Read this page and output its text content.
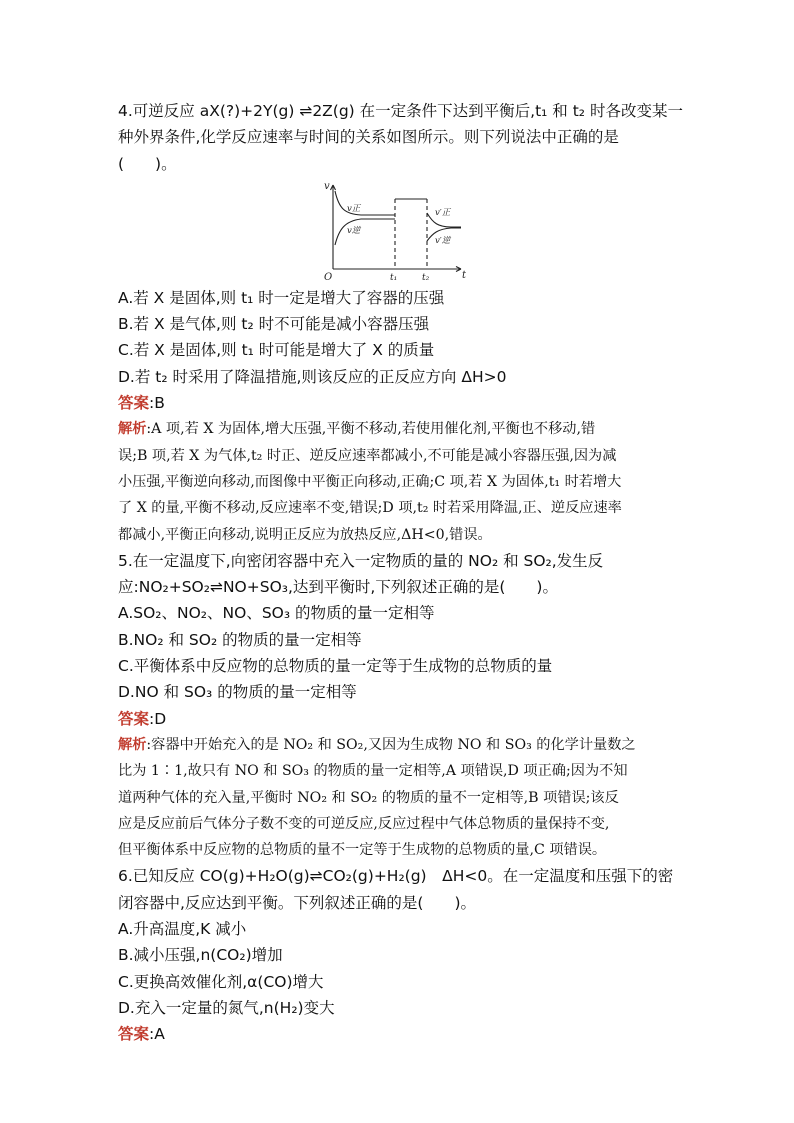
4.可逆反应 aX(?)+2Y(g) ⇌2Z(g) 在一定条件下达到平衡后,t₁ 和 t₂ 时各改变某一
种外界条件,化学反应速率与时间的关系如图所示。则下列说法中正确的是
(　　)。
v
t
O	t₁	t₂
v正
v逆
v′正
v′逆
A.若 X 是固体,则 t₁ 时一定是增大了容器的压强
B.若 X 是气体,则 t₂ 时不可能是减小容器压强
C.若 X 是固体,则 t₁ 时可能是增大了 X 的质量
D.若 t₂ 时采用了降温措施,则该反应的正反应方向 ΔH>0
答案:B
解析:A 项,若 X 为固体,增大压强,平衡不移动,若使用催化剂,平衡也不移动,错
误;B 项,若 X 为气体,t₂ 时正、逆反应速率都减小,不可能是减小容器压强,因为减
小压强,平衡逆向移动,而图像中平衡正向移动,正确;C 项,若 X 为固体,t₁ 时若增大
了 X 的量,平衡不移动,反应速率不变,错误;D 项,t₂ 时若采用降温,正、逆反应速率
都减小,平衡正向移动,说明正反应为放热反应,ΔH<0,错误。
5.在一定温度下,向密闭容器中充入一定物质的量的 NO₂ 和 SO₂,发生反
应:NO₂+SO₂⇌NO+SO₃,达到平衡时,下列叙述正确的是(　　)。
A.SO₂、NO₂、NO、SO₃ 的物质的量一定相等
B.NO₂ 和 SO₂ 的物质的量一定相等
C.平衡体系中反应物的总物质的量一定等于生成物的总物质的量
D.NO 和 SO₃ 的物质的量一定相等
答案:D
解析:容器中开始充入的是 NO₂ 和 SO₂,又因为生成物 NO 和 SO₃ 的化学计量数之
比为 1∶1,故只有 NO 和 SO₃ 的物质的量一定相等,A 项错误,D 项正确;因为不知
道两种气体的充入量,平衡时 NO₂ 和 SO₂ 的物质的量不一定相等,B 项错误;该反
应是反应前后气体分子数不变的可逆反应,反应过程中气体总物质的量保持不变,
但平衡体系中反应物的总物质的量不一定等于生成物的总物质的量,C 项错误。
6.已知反应 CO(g)+H₂O(g)⇌CO₂(g)+H₂(g)　ΔH<0。在一定温度和压强下的密
闭容器中,反应达到平衡。下列叙述正确的是(　　)。
A.升高温度,K 减小
B.减小压强,n(CO₂)增加
C.更换高效催化剂,α(CO)增大
D.充入一定量的氮气,n(H₂)变大
答案:A
